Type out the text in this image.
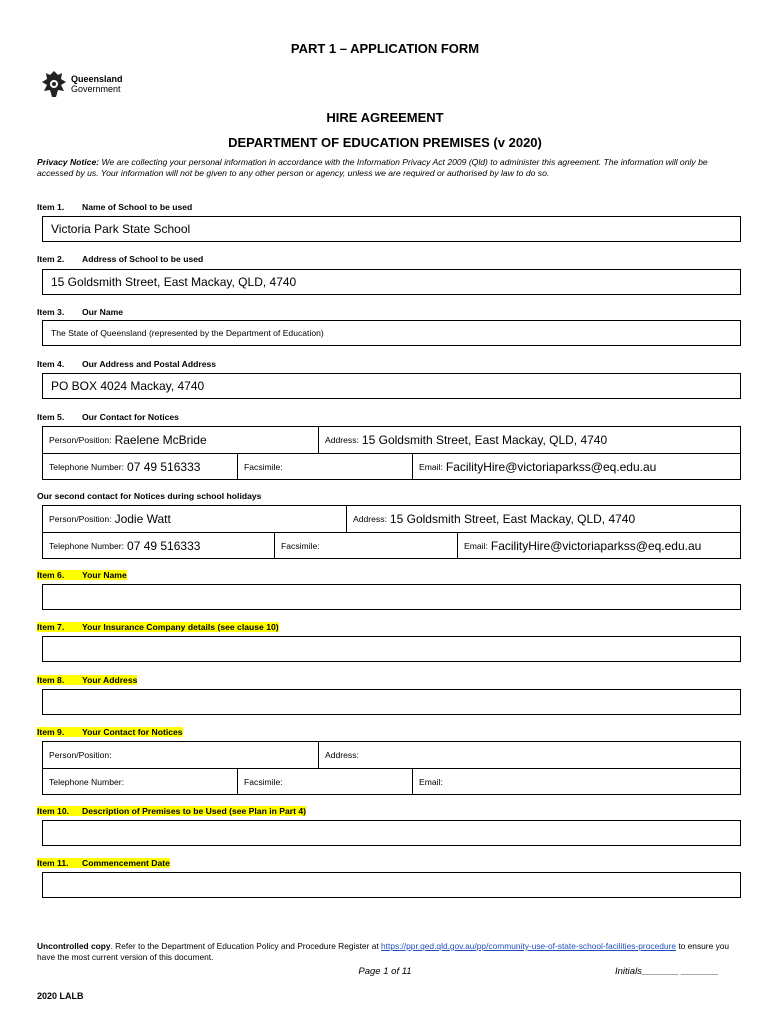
PART 1 – APPLICATION FORM
Queensland
Government
HIRE AGREEMENT
DEPARTMENT OF EDUCATION PREMISES (v 2020)
Privacy Notice: We are collecting your personal information in accordance with the Information Privacy Act 2009 (Qld) to administer this agreement. The information will only be accessed by us. Your information will not be given to any other person or agency, unless we are required or authorised by law to do so.
Item 1. Name of School to be used
Victoria Park State School
Item 2. Address of School to be used
15 Goldsmith Street, East Mackay, QLD, 4740
Item 3. Our Name
The State of Queensland (represented by the Department of Education)
Item 4. Our Address and Postal Address
PO BOX 4024 Mackay, 4740
Item 5. Our Contact for Notices
Person/Position: Raelene McBride	Address: 15 Goldsmith Street, East Mackay, QLD, 4740
Telephone Number: 07 49 516333	Facsimile:	Email: FacilityHire@victoriaparkss@eq.edu.au
Our second contact for Notices during school holidays
Person/Position: Jodie Watt	Address: 15 Goldsmith Street, East Mackay, QLD, 4740
Telephone Number: 07 49 516333	Facsimile:	Email: FacilityHire@victoriaparkss@eq.edu.au
Item 6. Your Name
Item 7. Your Insurance Company details (see clause 10)
Item 8. Your Address
Item 9. Your Contact for Notices
Person/Position:	Address:
Telephone Number:	Facsimile:	Email:
Item 10. Description of Premises to be Used (see Plan in Part 4)
Item 11. Commencement Date
Uncontrolled copy. Refer to the Department of Education Policy and Procedure Register at https://ppr.qed.qld.gov.au/pp/community-use-of-state-school-facilities-procedure to ensure you have the most current version of this document.
Page 1 of 11	Initials_______ _______
2020 LALB
